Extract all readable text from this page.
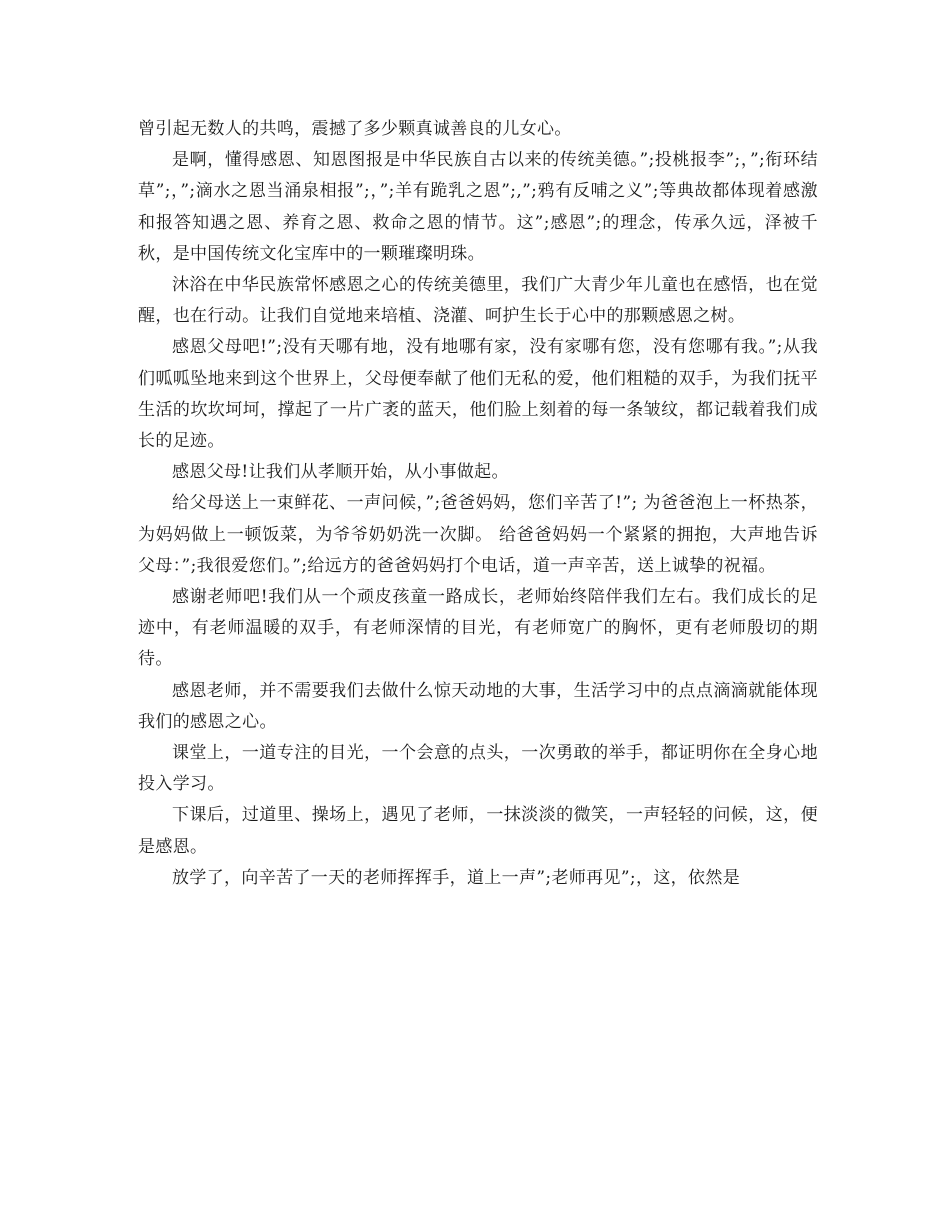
曾引起无数人的共鸣，震撼了多少颗真诚善良的儿女心。

是啊，懂得感恩、知恩图报是中华民族自古以来的传统美德。”;投桃报李”;，”;衔环结草”;，”;滴水之恩当涌泉相报”;，”;羊有跪乳之恩”;,”;鸦有反哺之义”;等典故都体现着感激和报答知遇之恩、养育之恩、救命之恩的情节。这”;感恩”;的理念，传承久远，泽被千秋，是中国传统文化宝库中的一颗璀璨明珠。

沐浴在中华民族常怀感恩之心的传统美德里，我们广大青少年儿童也在感悟，也在觉醒，也在行动。让我们自觉地来培植、浇灌、呵护生长于心中的那颗感恩之树。

感恩父母吧!”;没有天哪有地，没有地哪有家，没有家哪有您，没有您哪有我。”;从我们呱呱坠地来到这个世界上，父母便奉献了他们无私的爱，他们粗糙的双手，为我们抚平生活的坎坎坷坷，撑起了一片广袤的蓝天，他们脸上刻着的每一条皱纹，都记载着我们成长的足迹。

感恩父母!让我们从孝顺开始，从小事做起。

给父母送上一束鲜花、一声问候，”;爸爸妈妈，您们辛苦了!”; 为爸爸泡上一杯热茶，为妈妈做上一顿饭菜，为爷爷奶奶洗一次脚。 给爸爸妈妈一个紧紧的拥抱，大声地告诉父母：”;我很爱您们。”;给远方的爸爸妈妈打个电话，道一声辛苦，送上诚挚的祝福。

感谢老师吧!我们从一个顽皮孩童一路成长，老师始终陪伴我们左右。我们成长的足迹中，有老师温暖的双手，有老师深情的目光，有老师宽广的胸怀，更有老师殷切的期待。

感恩老师，并不需要我们去做什么惊天动地的大事，生活学习中的点点滴滴就能体现我们的感恩之心。

课堂上，一道专注的目光，一个会意的点头，一次勇敢的举手，都证明你在全身心地投入学习。

下课后，过道里、操场上，遇见了老师，一抹淡淡的微笑，一声轻轻的问候，这，便是感恩。

放学了，向辛苦了一天的老师挥挥手，道上一声”;老师再见”;，这，依然是
